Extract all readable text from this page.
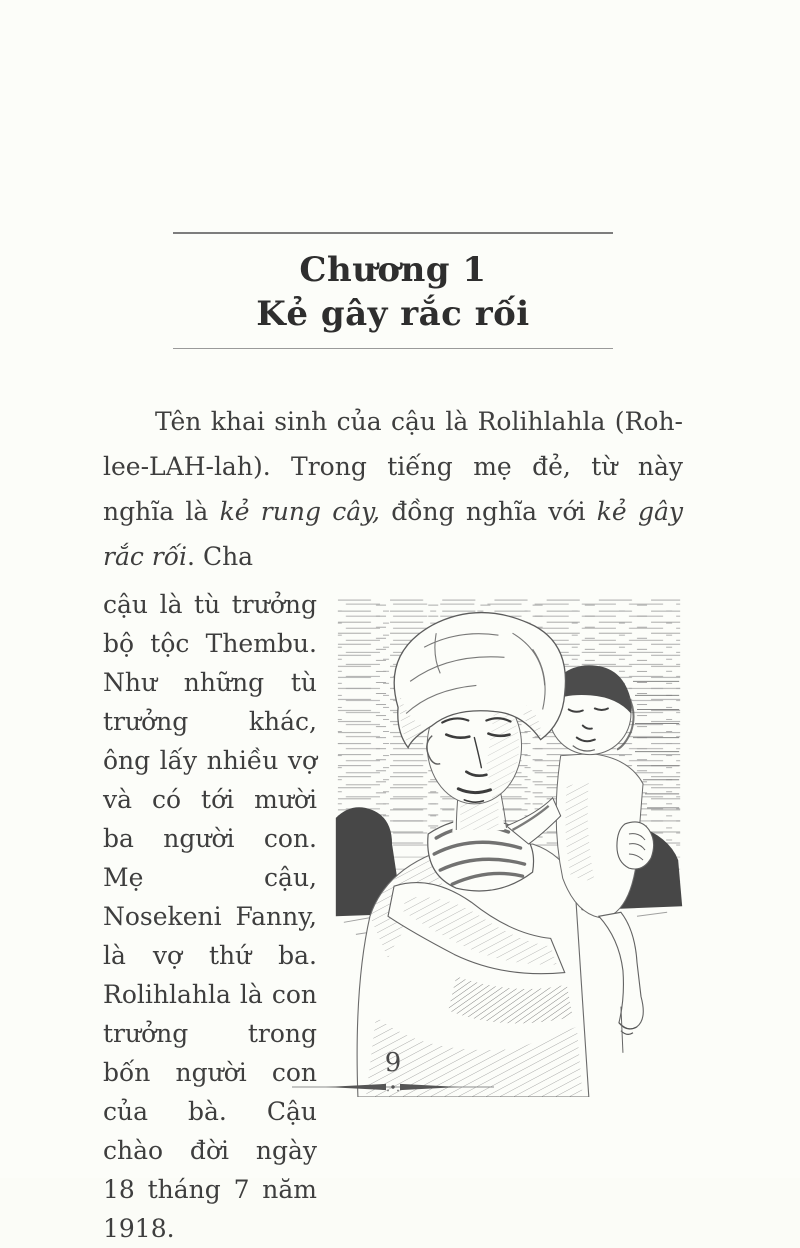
Chương 1
Kẻ gây rắc rối

Tên khai sinh của cậu là Rolihlahla (Roh-lee-LAH-lah). Trong tiếng mẹ đẻ, từ này nghĩa là kẻ rung cây, đồng nghĩa với kẻ gây rắc rối. Cha

cậu là tù trưởng bộ tộc Thembu. Như những tù trưởng khác, ông lấy nhiều vợ và có tới mười ba người con. Mẹ cậu, Nosekeni Fanny, là vợ thứ ba. Rolihlahla là con trưởng trong bốn người con của bà. Cậu chào đời ngày 18 tháng 7 năm 1918.
9
